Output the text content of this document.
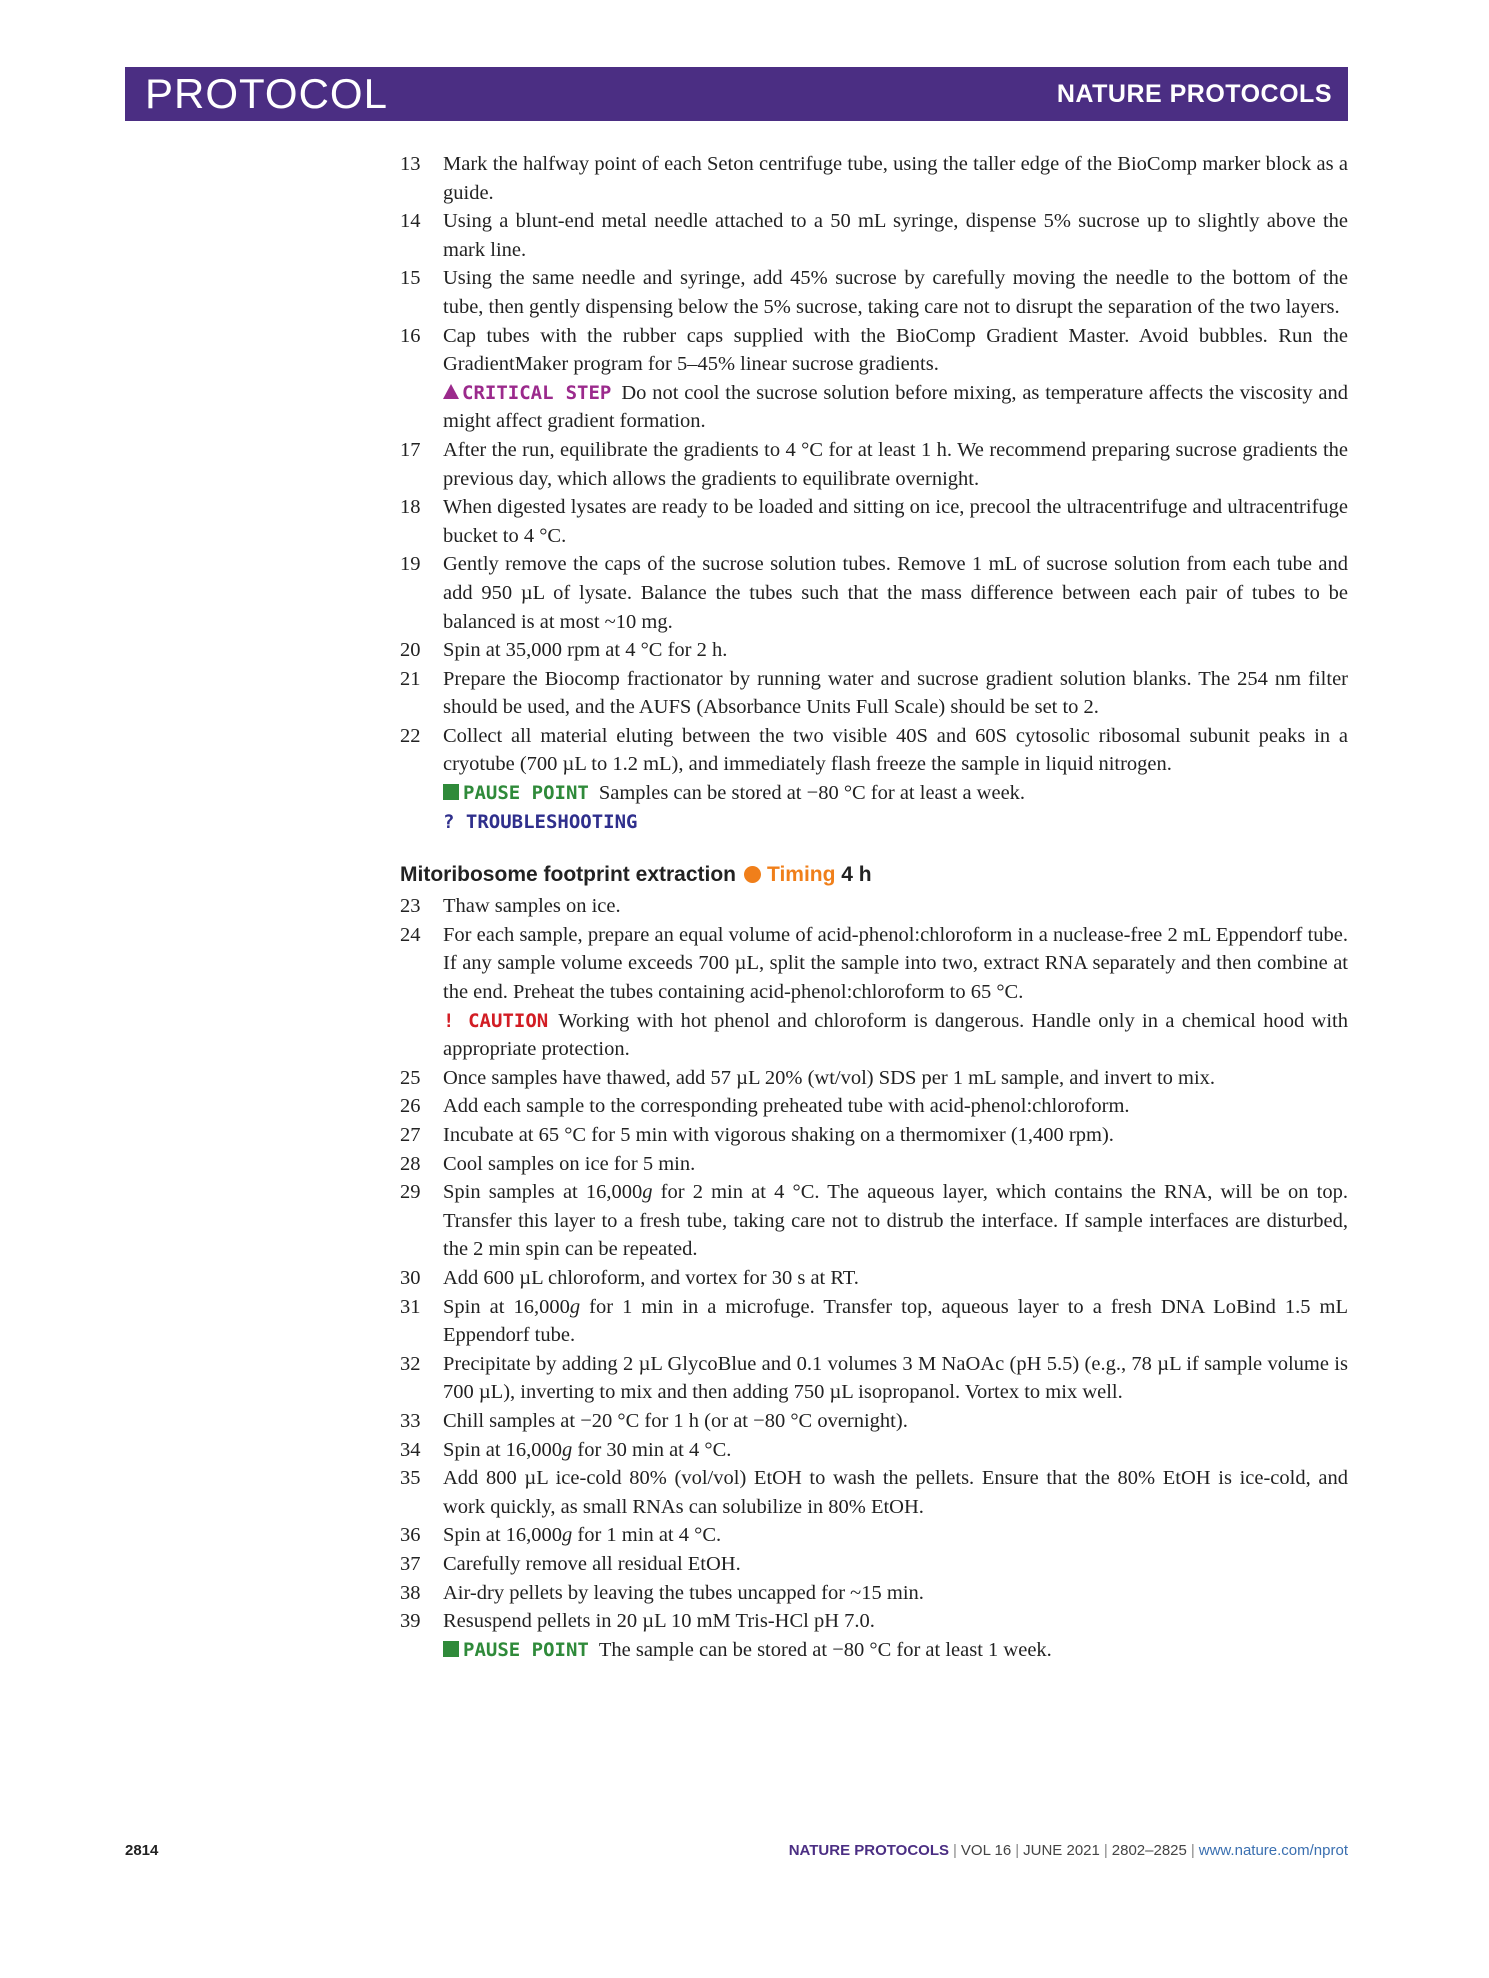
PROTOCOL	NATURE PROTOCOLS
13	Mark the halfway point of each Seton centrifuge tube, using the taller edge of the BioComp marker block as a guide.
14	Using a blunt-end metal needle attached to a 50 mL syringe, dispense 5% sucrose up to slightly above the mark line.
15	Using the same needle and syringe, add 45% sucrose by carefully moving the needle to the bottom of the tube, then gently dispensing below the 5% sucrose, taking care not to disrupt the separation of the two layers.
16	Cap tubes with the rubber caps supplied with the BioComp Gradient Master. Avoid bubbles. Run the GradientMaker program for 5–45% linear sucrose gradients.
CRITICAL STEP Do not cool the sucrose solution before mixing, as temperature affects the viscosity and might affect gradient formation.
17	After the run, equilibrate the gradients to 4 °C for at least 1 h. We recommend preparing sucrose gradients the previous day, which allows the gradients to equilibrate overnight.
18	When digested lysates are ready to be loaded and sitting on ice, precool the ultracentrifuge and ultracentrifuge bucket to 4 °C.
19	Gently remove the caps of the sucrose solution tubes. Remove 1 mL of sucrose solution from each tube and add 950 µL of lysate. Balance the tubes such that the mass difference between each pair of tubes to be balanced is at most ~10 mg.
20	Spin at 35,000 rpm at 4 °C for 2 h.
21	Prepare the Biocomp fractionator by running water and sucrose gradient solution blanks. The 254 nm filter should be used, and the AUFS (Absorbance Units Full Scale) should be set to 2.
22	Collect all material eluting between the two visible 40S and 60S cytosolic ribosomal subunit peaks in a cryotube (700 µL to 1.2 mL), and immediately flash freeze the sample in liquid nitrogen.
PAUSE POINT Samples can be stored at −80 °C for at least a week.
? TROUBLESHOOTING
Mitoribosome footprint extraction Timing 4 h
23	Thaw samples on ice.
24	For each sample, prepare an equal volume of acid-phenol:chloroform in a nuclease-free 2 mL Eppendorf tube. If any sample volume exceeds 700 µL, split the sample into two, extract RNA separately and then combine at the end. Preheat the tubes containing acid-phenol:chloroform to 65 °C.
! CAUTION Working with hot phenol and chloroform is dangerous. Handle only in a chemical hood with appropriate protection.
25	Once samples have thawed, add 57 µL 20% (wt/vol) SDS per 1 mL sample, and invert to mix.
26	Add each sample to the corresponding preheated tube with acid-phenol:chloroform.
27	Incubate at 65 °C for 5 min with vigorous shaking on a thermomixer (1,400 rpm).
28	Cool samples on ice for 5 min.
29	Spin samples at 16,000g for 2 min at 4 °C. The aqueous layer, which contains the RNA, will be on top. Transfer this layer to a fresh tube, taking care not to distrub the interface. If sample interfaces are disturbed, the 2 min spin can be repeated.
30	Add 600 µL chloroform, and vortex for 30 s at RT.
31	Spin at 16,000g for 1 min in a microfuge. Transfer top, aqueous layer to a fresh DNA LoBind 1.5 mL Eppendorf tube.
32	Precipitate by adding 2 µL GlycoBlue and 0.1 volumes 3 M NaOAc (pH 5.5) (e.g., 78 µL if sample volume is 700 µL), inverting to mix and then adding 750 µL isopropanol. Vortex to mix well.
33	Chill samples at −20 °C for 1 h (or at −80 °C overnight).
34	Spin at 16,000g for 30 min at 4 °C.
35	Add 800 µL ice-cold 80% (vol/vol) EtOH to wash the pellets. Ensure that the 80% EtOH is ice-cold, and work quickly, as small RNAs can solubilize in 80% EtOH.
36	Spin at 16,000g for 1 min at 4 °C.
37	Carefully remove all residual EtOH.
38	Air-dry pellets by leaving the tubes uncapped for ~15 min.
39	Resuspend pellets in 20 µL 10 mM Tris-HCl pH 7.0.
PAUSE POINT The sample can be stored at −80 °C for at least 1 week.
2814	NATURE PROTOCOLS | VOL 16 | JUNE 2021 | 2802–2825 | www.nature.com/nprot
